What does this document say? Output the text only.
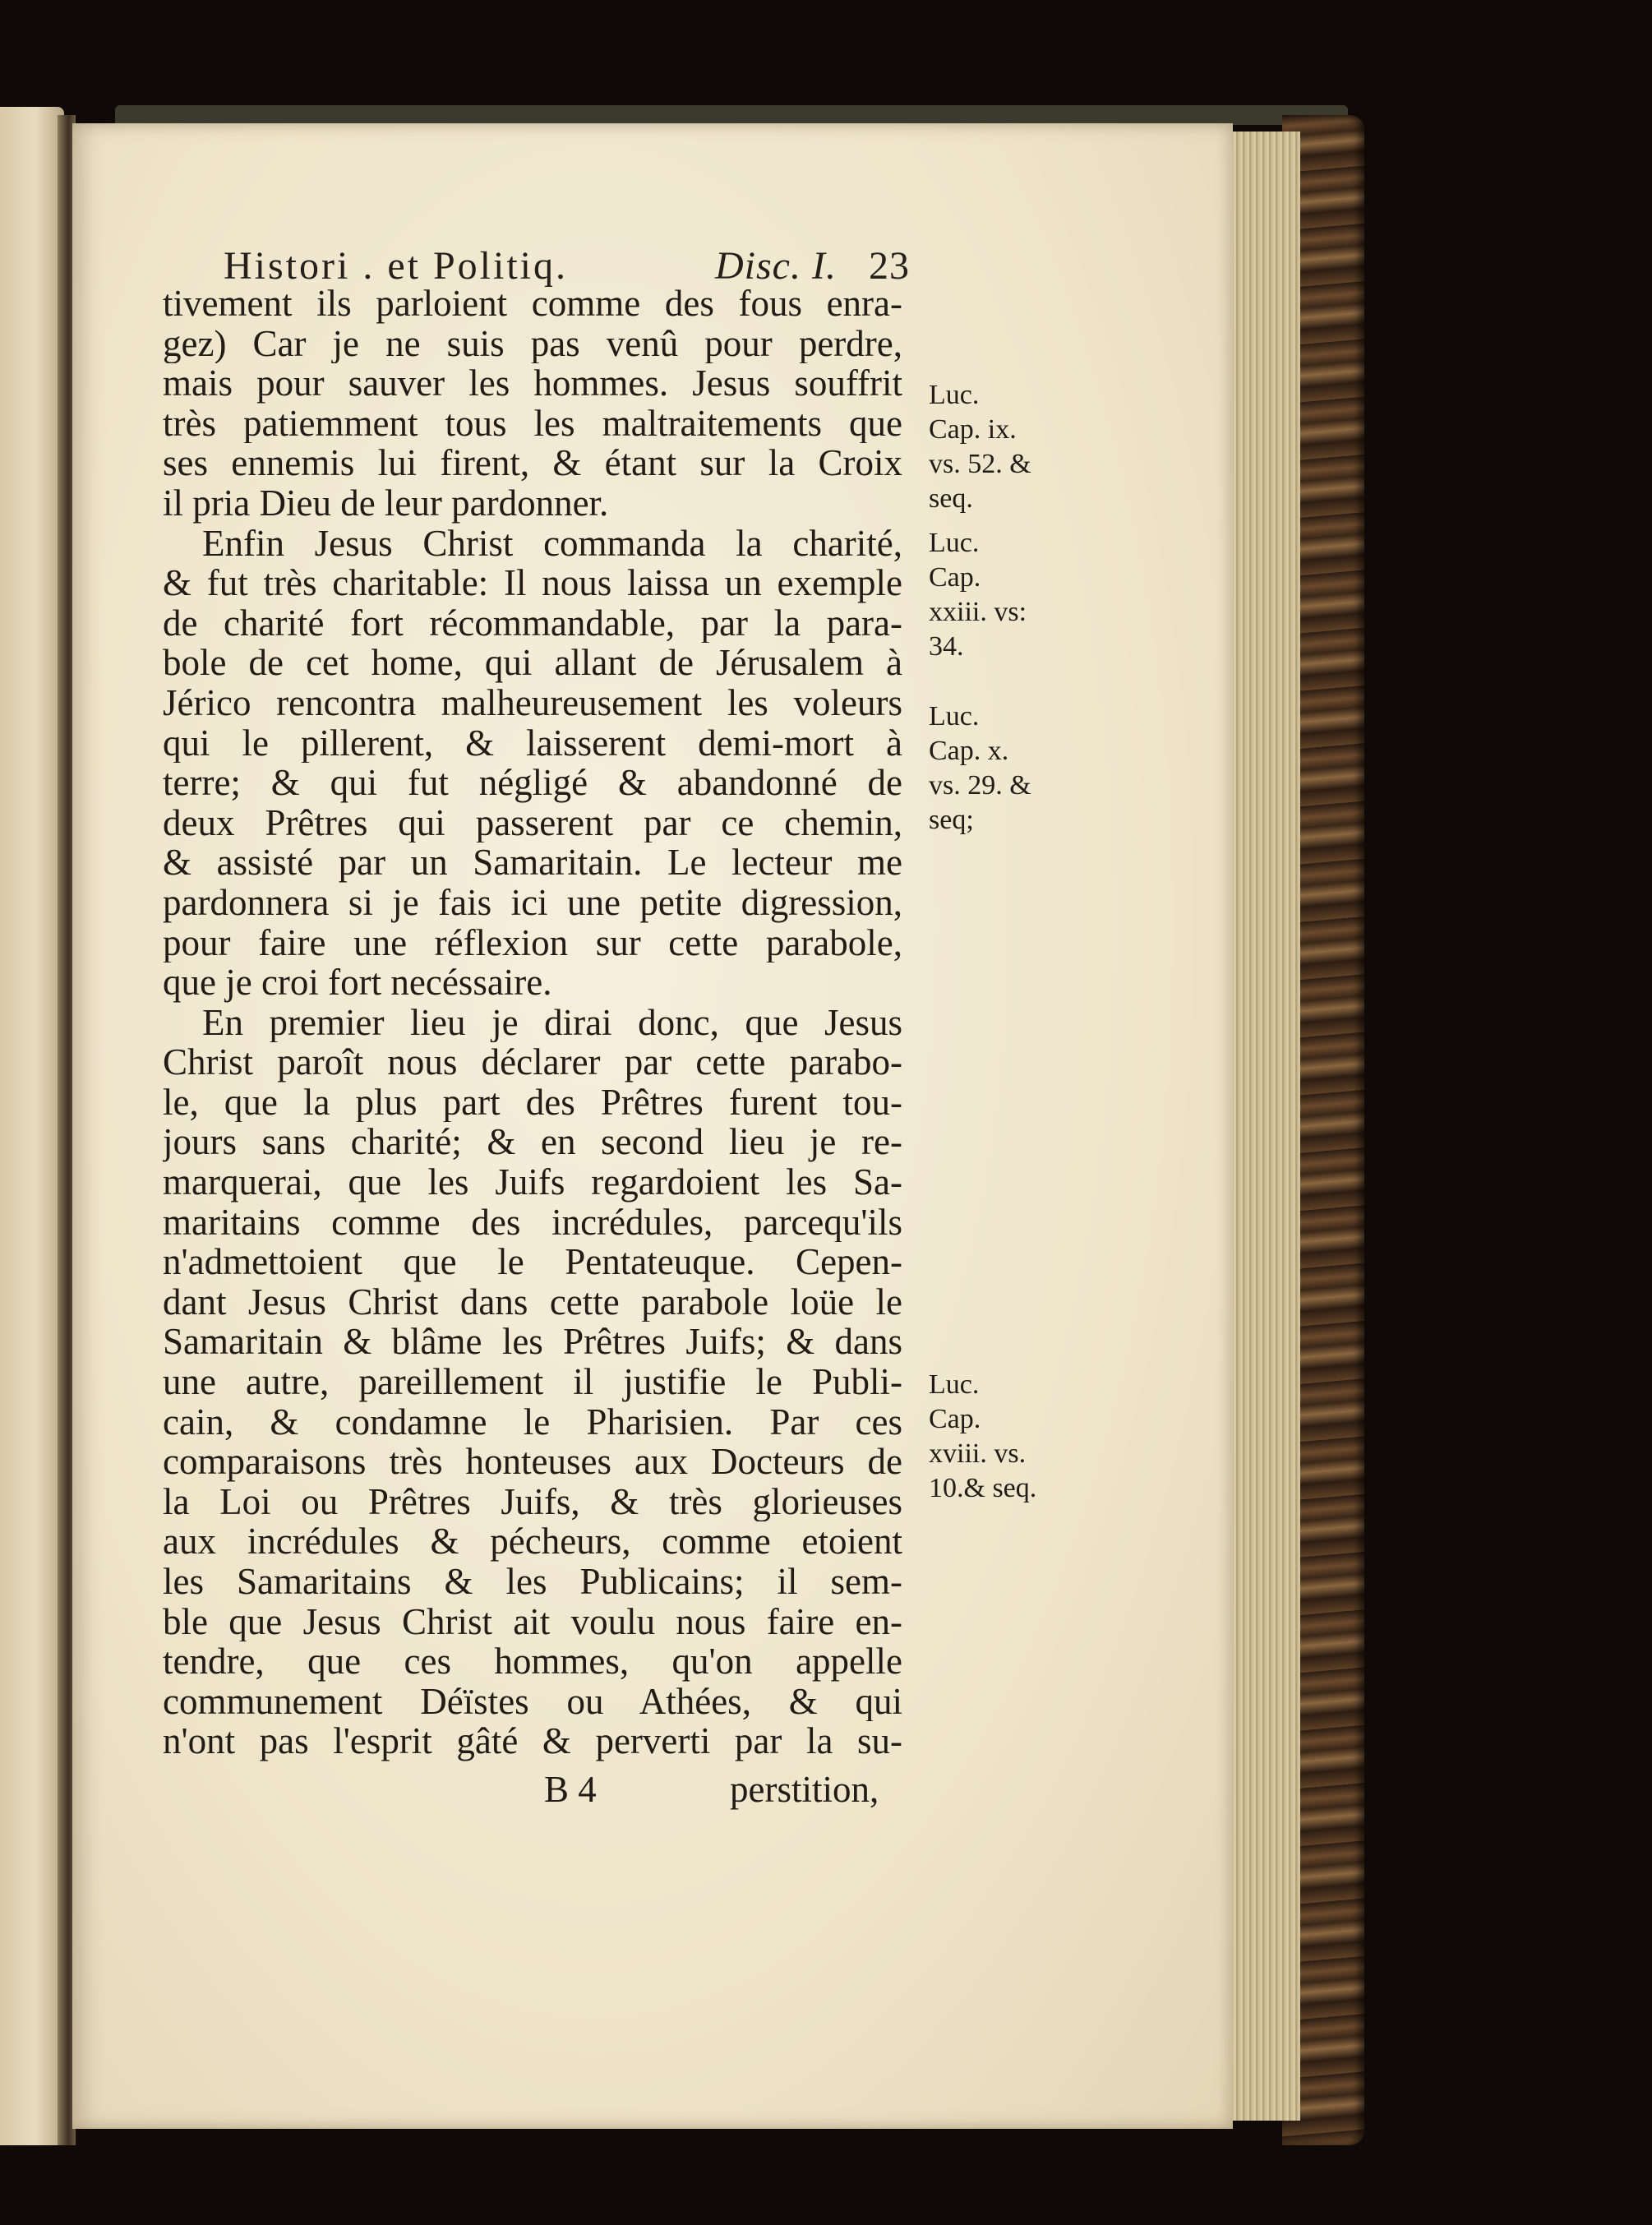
Histori . et Politiq.	Disc. I. 23
tivement ils parloient comme des fous enra-
gez) Car je ne suis pas venû pour perdre,
mais pour sauver les hommes. Jesus souffrit
très patiemment tous les maltraitements que
ses ennemis lui firent, & étant sur la Croix
il pria Dieu de leur pardonner.
Enfin Jesus Christ commanda la charité,
& fut très charitable: Il nous laissa un exemple
de charité fort récommandable, par la para-
bole de cet home, qui allant de Jérusalem à
Jérico rencontra malheureusement les voleurs
qui le pillerent, & laisserent demi-mort à
terre; & qui fut négligé & abandonné de
deux Prêtres qui passerent par ce chemin,
& assisté par un Samaritain. Le lecteur me
pardonnera si je fais ici une petite digression,
pour faire une réflexion sur cette parabole,
que je croi fort necéssaire.
En premier lieu je dirai donc, que Jesus
Christ paroît nous déclarer par cette parabo-
le, que la plus part des Prêtres furent tou-
jours sans charité; & en second lieu je re-
marquerai, que les Juifs regardoient les Sa-
maritains comme des incrédules, parcequ'ils
n'admettoient que le Pentateuque. Cepen-
dant Jesus Christ dans cette parabole loüe le
Samaritain & blâme les Prêtres Juifs; & dans
une autre, pareillement il justifie le Publi-
cain, & condamne le Pharisien. Par ces
comparaisons très honteuses aux Docteurs de
la Loi ou Prêtres Juifs, & très glorieuses
aux incrédules & pécheurs, comme etoient
les Samaritains & les Publicains; il sem-
ble que Jesus Christ ait voulu nous faire en-
tendre, que ces hommes, qu'on appelle
communement Déïstes ou Athées, & qui
n'ont pas l'esprit gâté & perverti par la su-
Luc.
Cap. ix.
vs. 52. &
seq.
Luc.
Cap.
xxiii. vs:
34.
Luc.
Cap. x.
vs. 29. &
seq;
Luc.
Cap.
xviii. vs.
10.& seq.
B 4	perstition,
